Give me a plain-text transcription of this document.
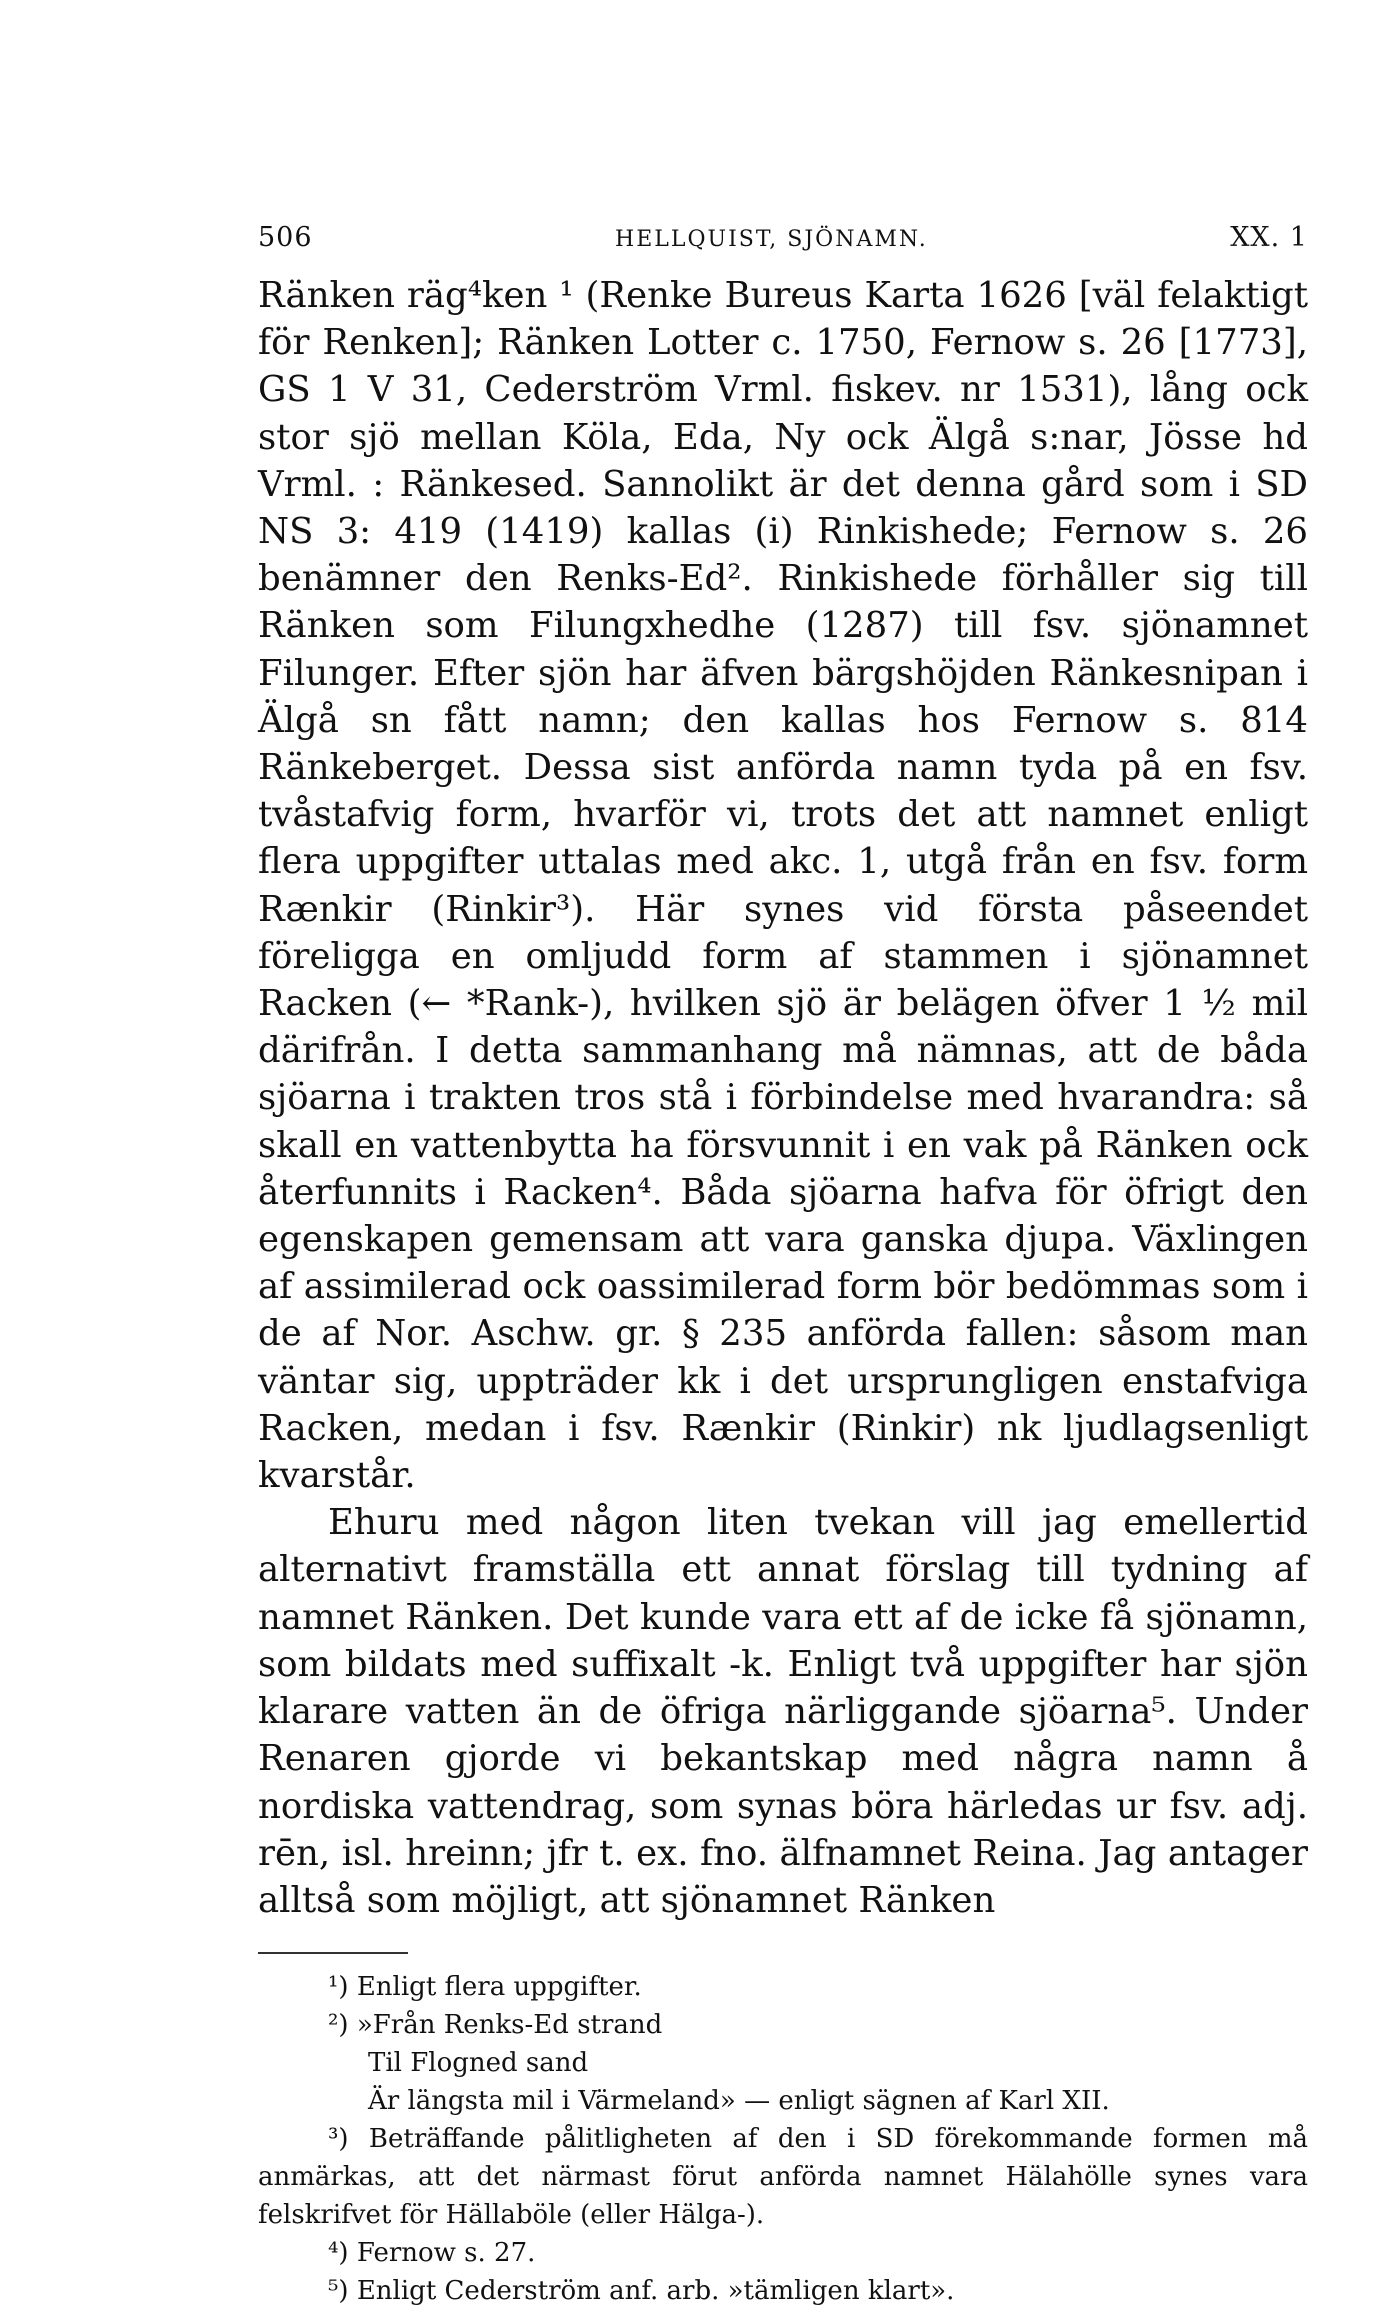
506	HELLQUIST, SJÖNAMN.	XX. 1

Ränken räg⁴ken ¹ (Renke Bureus Karta 1626 [väl felaktigt för Renken]; Ränken Lotter c. 1750, Fernow s. 26 [1773], GS 1 V 31, Cederström Vrml. fiskev. nr 1531), lång ock stor sjö mellan Köla, Eda, Ny ock Älgå s:nar, Jösse hd Vrml. : Ränkesed. Sannolikt är det denna gård som i SD NS 3: 419 (1419) kallas (i) Rinkishede; Fernow s. 26 benämner den Renks-Ed². Rinkishede förhåller sig till Ränken som Filungxhedhe (1287) till fsv. sjönamnet Filunger. Efter sjön har äfven bärgshöjden Ränkesnipan i Älgå sn fått namn; den kallas hos Fernow s. 814 Ränkeberget. Dessa sist anförda namn tyda på en fsv. tvåstafvig form, hvarför vi, trots det att namnet enligt flera uppgifter uttalas med akc. 1, utgå från en fsv. form Rænkir (Rinkir³). Här synes vid första påseendet föreligga en omljudd form af stammen i sjönamnet Racken (← *Rank-), hvilken sjö är belägen öfver 1 ½ mil därifrån. I detta sammanhang må nämnas, att de båda sjöarna i trakten tros stå i förbindelse med hvarandra: så skall en vattenbytta ha försvunnit i en vak på Ränken ock återfunnits i Racken⁴. Båda sjöarna hafva för öfrigt den egenskapen gemensam att vara ganska djupa. Växlingen af assimilerad ock oassimilerad form bör bedömmas som i de af Nor. Aschw. gr. § 235 anförda fallen: såsom man väntar sig, uppträder kk i det ursprungligen enstafviga Racken, medan i fsv. Rænkir (Rinkir) nk ljudlagsenligt kvarstår.

Ehuru med någon liten tvekan vill jag emellertid alternativt framställa ett annat förslag till tydning af namnet Ränken. Det kunde vara ett af de icke få sjönamn, som bildats med suffixalt -k. Enligt två uppgifter har sjön klarare vatten än de öfriga närliggande sjöarna⁵. Under Renaren gjorde vi bekantskap med några namn å nordiska vattendrag, som synas böra härledas ur fsv. adj. rēn, isl. hreinn; jfr t. ex. fno. älfnamnet Reina. Jag antager alltså som möjligt, att sjönamnet Ränken

¹) Enligt flera uppgifter.

²) »Från Renks-Ed strand

Til Flogned sand

Är längsta mil i Värmeland» — enligt sägnen af Karl XII.

³) Beträffande pålitligheten af den i SD förekommande formen må anmärkas, att det närmast förut anförda namnet Hälahölle synes vara felskrifvet för Hällaböle (eller Hälga-).

⁴) Fernow s. 27.

⁵) Enligt Cederström anf. arb. »tämligen klart».
